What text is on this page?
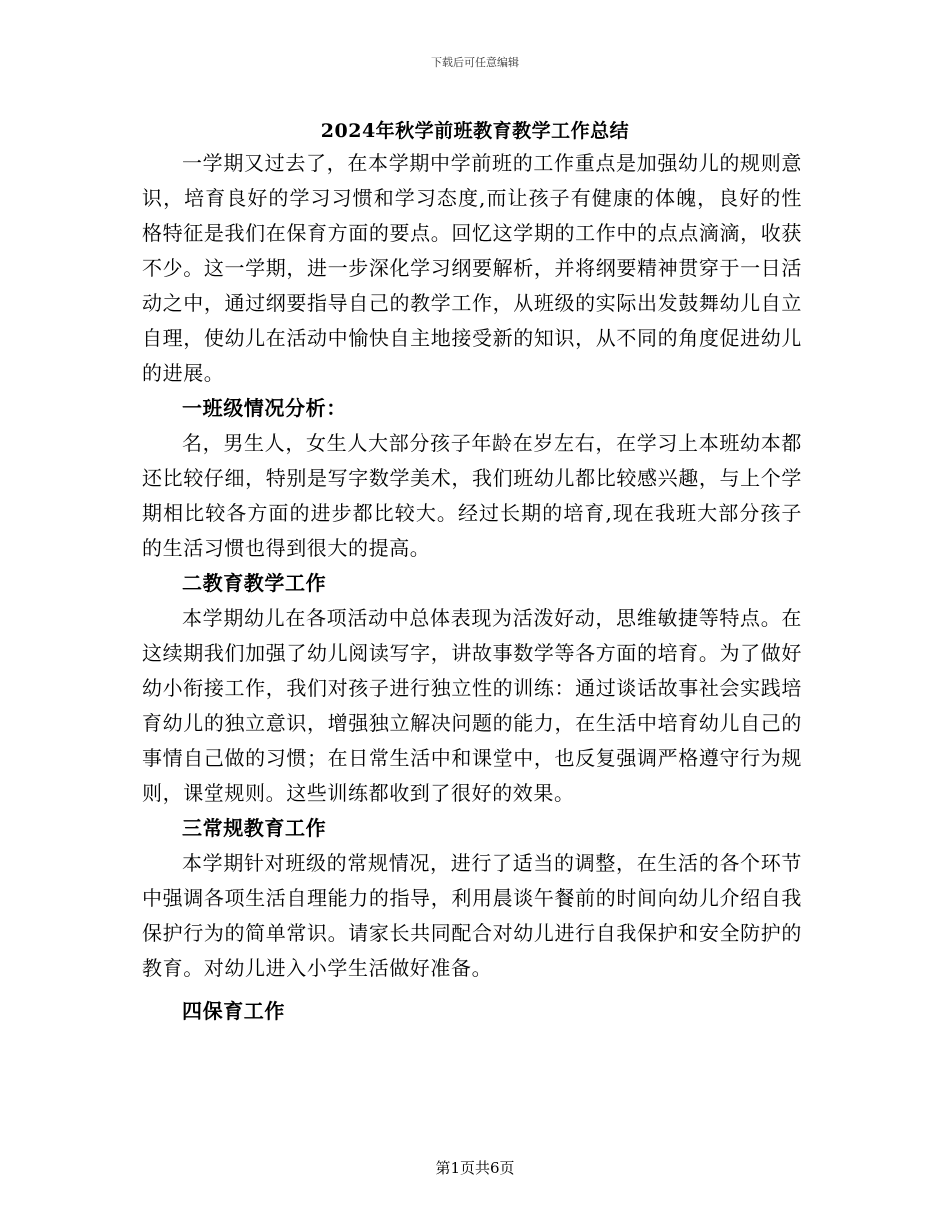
下载后可任意编辑
2024年秋学前班教育教学工作总结

一学期又过去了，在本学期中学前班的工作重点是加强幼儿的规则意识，培育良好的学习习惯和学习态度,而让孩子有健康的体魄，良好的性格特征是我们在保育方面的要点。回忆这学期的工作中的点点滴滴，收获不少。这一学期，进一步深化学习纲要解析，并将纲要精神贯穿于一日活动之中，通过纲要指导自己的教学工作，从班级的实际出发鼓舞幼儿自立自理，使幼儿在活动中愉快自主地接受新的知识，从不同的角度促进幼儿的进展。

一班级情况分析：

名，男生人，女生人大部分孩子年龄在岁左右，在学习上本班幼本都还比较仔细，特别是写字数学美术，我们班幼儿都比较感兴趣，与上个学期相比较各方面的进步都比较大。经过长期的培育,现在我班大部分孩子的生活习惯也得到很大的提高。

二教育教学工作

本学期幼儿在各项活动中总体表现为活泼好动，思维敏捷等特点。在这续期我们加强了幼儿阅读写字，讲故事数学等各方面的培育。为了做好幼小衔接工作，我们对孩子进行独立性的训练：通过谈话故事社会实践培育幼儿的独立意识，增强独立解决问题的能力，在生活中培育幼儿自己的事情自己做的习惯；在日常生活中和课堂中，也反复强调严格遵守行为规则，课堂规则。这些训练都收到了很好的效果。

三常规教育工作

本学期针对班级的常规情况，进行了适当的调整，在生活的各个环节中强调各项生活自理能力的指导，利用晨谈午餐前的时间向幼儿介绍自我保护行为的简单常识。请家长共同配合对幼儿进行自我保护和安全防护的教育。对幼儿进入小学生活做好准备。

四保育工作

第1页共6页
